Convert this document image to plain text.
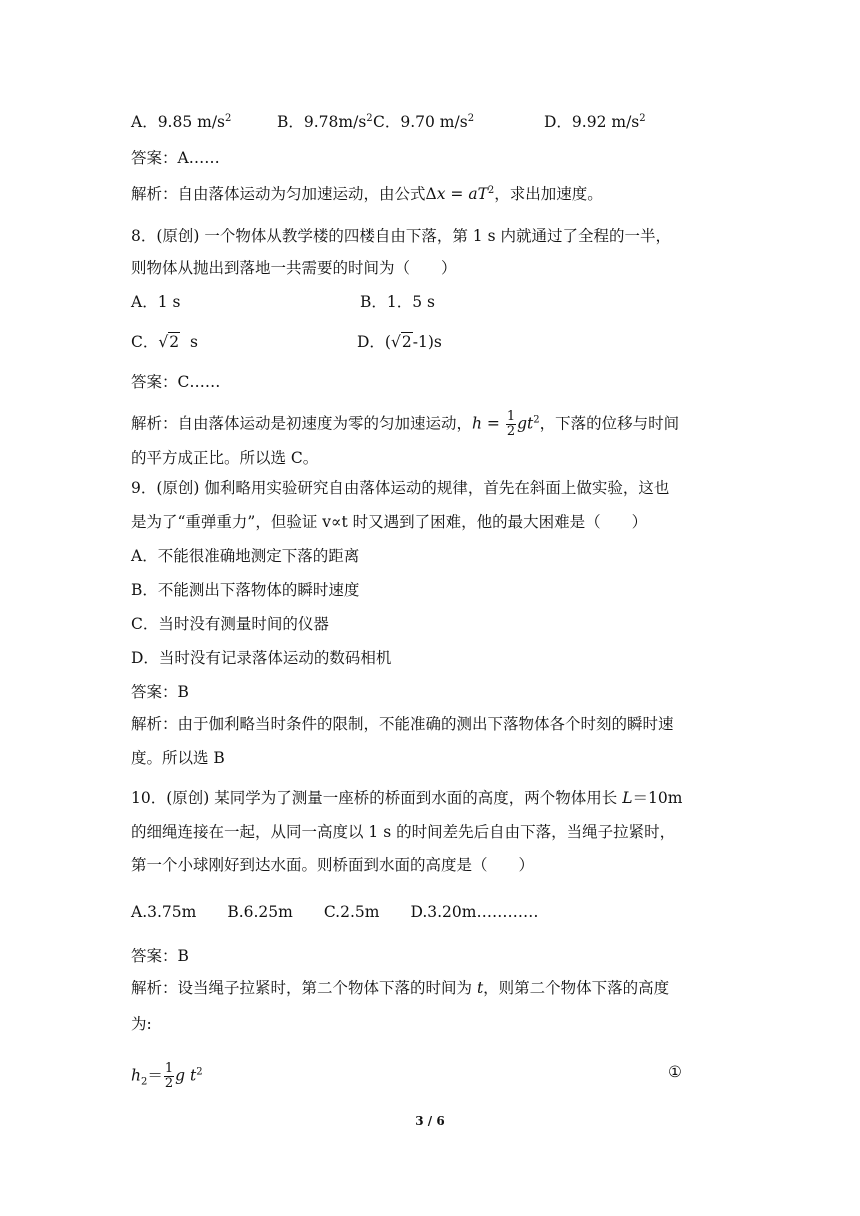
A．9.85 $m/s^2$	B．$9.78m/s^2$ C．9.70 $m/s^2$	D．9.92 $m/s^2$
答案：A……
解析：自由落体运动为匀加速运动，由公式$\Delta x = aT^2$，求出加速度。
8．(原创) 一个物体从教学楼的四楼自由下落，第 1 s 内就通过了全程的一半，
则物体从抛出到落地一共需要的时间为（　　）
A．1 s	B．1．5 s
C．√2 s	D．(√2-1)s
答案：C……
解析：自由落体运动是初速度为零的匀加速运动，$h = \frac{1}{2} gt^2$，下落的位移与时间
的平方成正比。所以选 C。
9．(原创) 伽利略用实验研究自由落体运动的规律，首先在斜面上做实验，这也
是为了“重弹重力”，但验证 v∝t 时又遇到了困难，他的最大困难是（　　）
A．不能很准确地测定下落的距离
B．不能测出下落物体的瞬时速度
C．当时没有测量时间的仪器
D．当时没有记录落体运动的数码相机
答案：B
解析：由于伽利略当时条件的限制，不能准确的测出下落物体各个时刻的瞬时速
度。所以选 B
10．(原创) 某同学为了测量一座桥的桥面到水面的高度，两个物体用长 L＝10m
的细绳连接在一起，从同一高度以 1 s 的时间差先后自由下落，当绳子拉紧时，
第一个小球刚好到达水面。则桥面到水面的高度是（　　）
A.3.75m　　B.6.25m　　C.2.5m　　D.3.20m…………
答案：B
解析：设当绳子拉紧时，第二个物体下落的时间为 t，则第二个物体下落的高度
为:
$h_2= \frac{1}{2}$ g $t^2$	①
3 / 6
